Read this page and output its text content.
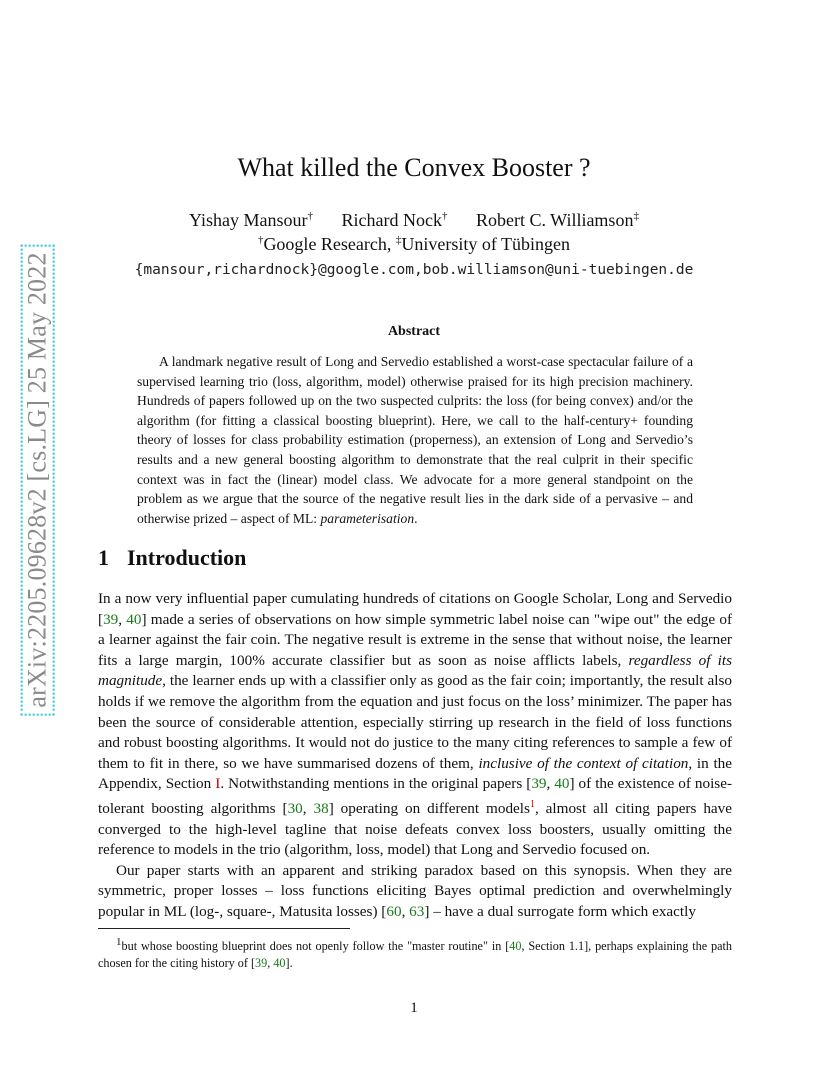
arXiv:2205.09628v2 [cs.LG] 25 May 2022
What killed the Convex Booster ?
Yishay Mansour† Richard Nock† Robert C. Williamson‡
†Google Research, ‡University of Tübingen
{mansour,richardnock}@google.com,bob.williamson@uni-tuebingen.de
Abstract

A landmark negative result of Long and Servedio established a worst-case spectacular failure of a supervised learning trio (loss, algorithm, model) otherwise praised for its high precision machinery. Hundreds of papers followed up on the two suspected culprits: the loss (for being convex) and/or the algorithm (for fitting a classical boosting blueprint). Here, we call to the half-century+ founding theory of losses for class probability estimation (properness), an extension of Long and Servedio’s results and a new general boosting algorithm to demonstrate that the real culprit in their specific context was in fact the (linear) model class. We advocate for a more general standpoint on the problem as we argue that the source of the negative result lies in the dark side of a pervasive – and otherwise prized – aspect of ML: parameterisation.

1 Introduction

In a now very influential paper cumulating hundreds of citations on Google Scholar, Long and Servedio [39, 40] made a series of observations on how simple symmetric label noise can "wipe out" the edge of a learner against the fair coin. The negative result is extreme in the sense that without noise, the learner fits a large margin, 100% accurate classifier but as soon as noise afflicts labels, regardless of its magnitude, the learner ends up with a classifier only as good as the fair coin; importantly, the result also holds if we remove the algorithm from the equation and just focus on the loss’ minimizer. The paper has been the source of considerable attention, especially stirring up research in the field of loss functions and robust boosting algorithms. It would not do justice to the many citing references to sample a few of them to fit in there, so we have summarised dozens of them, inclusive of the context of citation, in the Appendix, Section I. Notwithstanding mentions in the original papers [39, 40] of the existence of noise-tolerant boosting algorithms [30, 38] operating on different models$^1$, almost all citing papers have converged to the high-level tagline that noise defeats convex loss boosters, usually omitting the reference to models in the trio (algorithm, loss, model) that Long and Servedio focused on.

Our paper starts with an apparent and striking paradox based on this synopsis. When they are symmetric, proper losses – loss functions eliciting Bayes optimal prediction and overwhelmingly popular in ML (log-, square-, Matusita losses) [60, 63] – have a dual surrogate form which exactly

$^1$but whose boosting blueprint does not openly follow the "master routine" in [40, Section 1.1], perhaps explaining the path chosen for the citing history of [39, 40].

1
